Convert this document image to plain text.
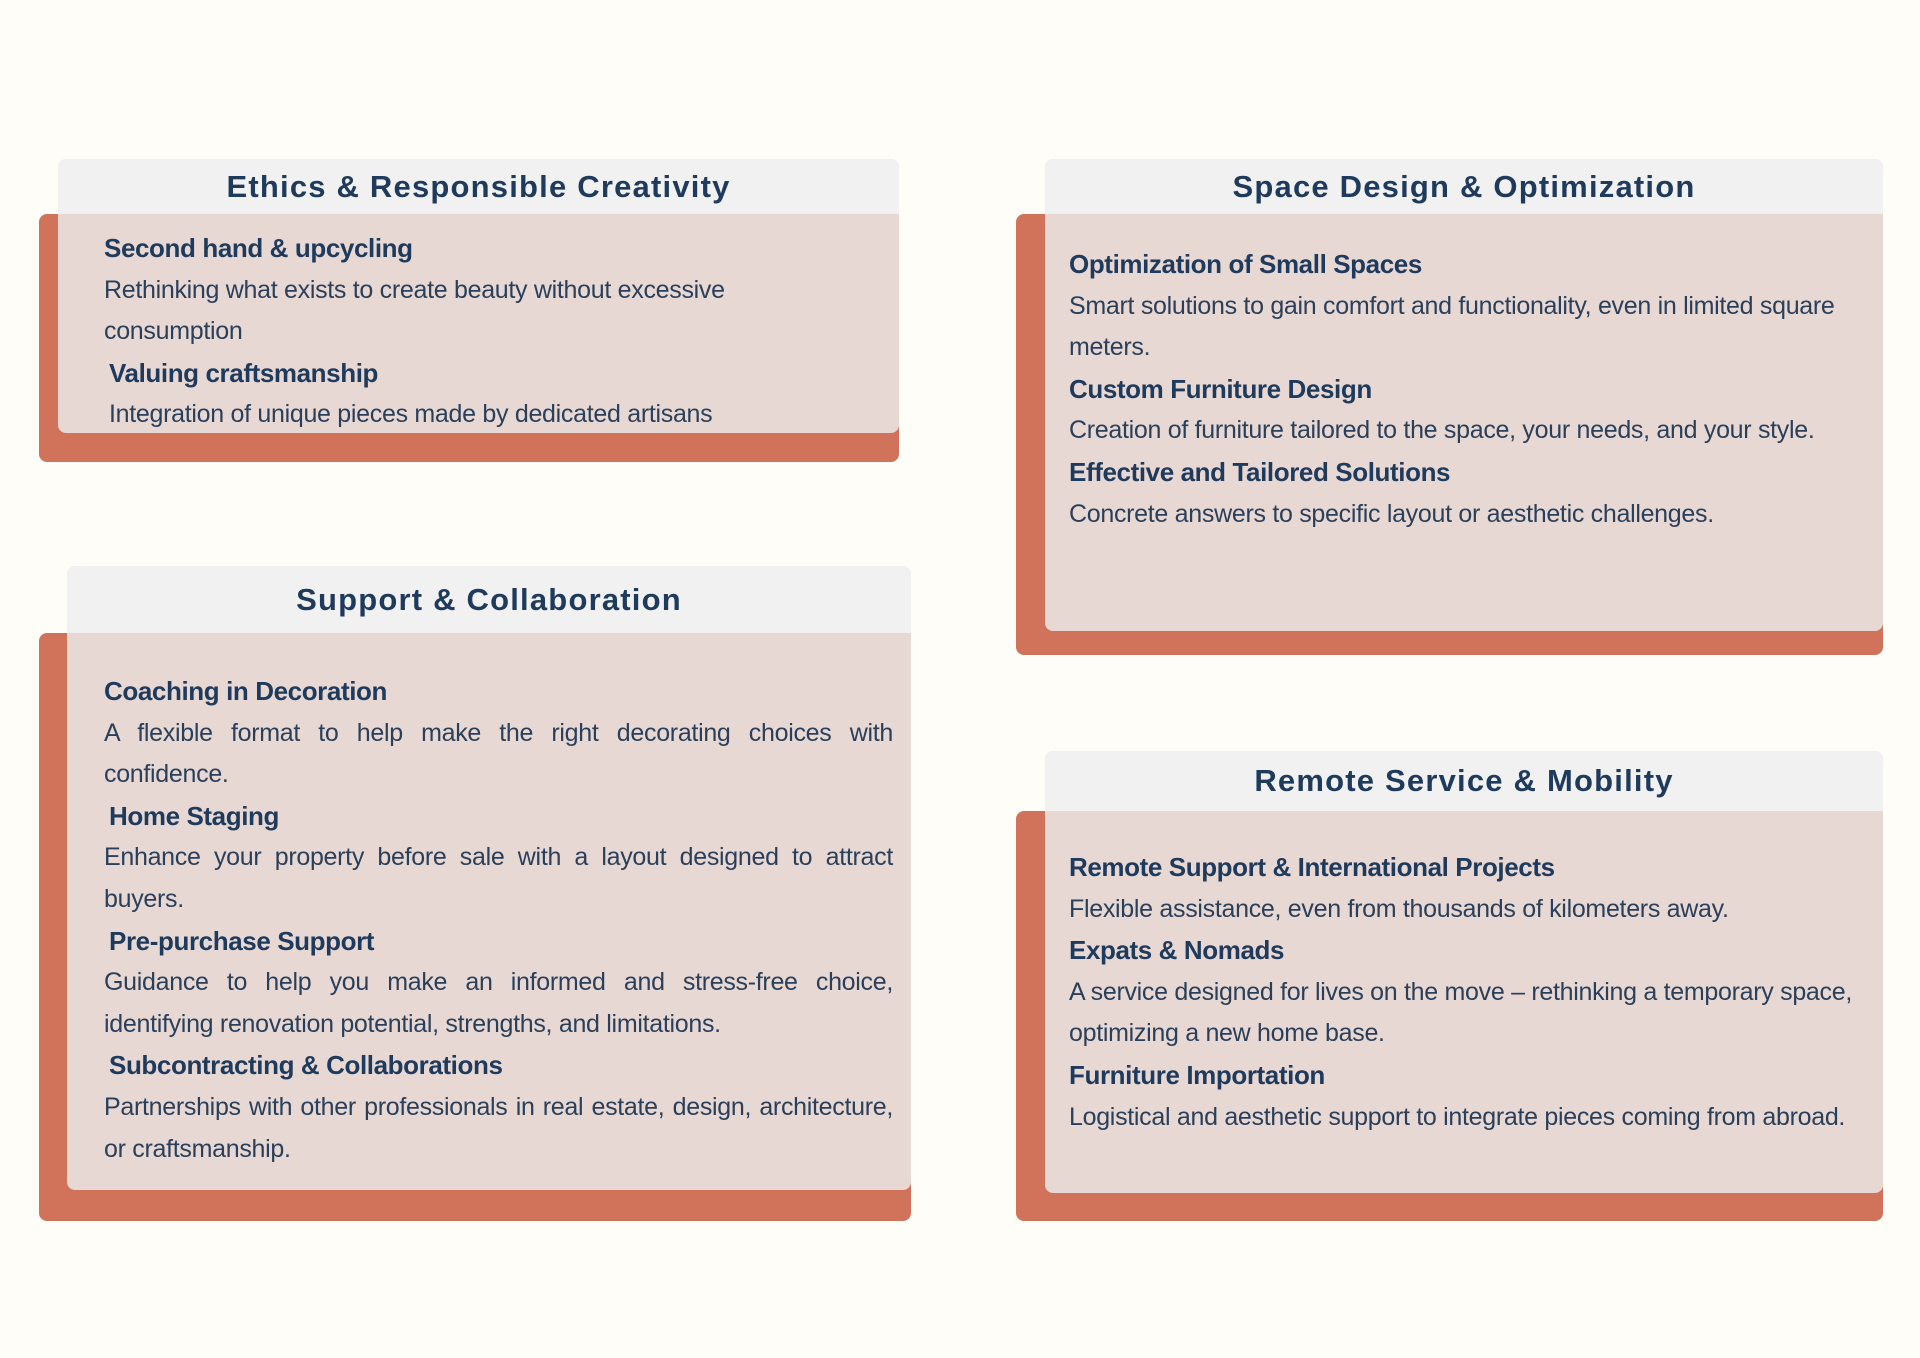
Ethics & Responsible Creativity
Second hand & upcycling
Rethinking what exists to create beauty without excessive consumption
Valuing craftsmanship
Integration of unique pieces made by dedicated artisans
Support & Collaboration
Coaching in Decoration
A flexible format to help make the right decorating choices with confidence.
Home Staging
Enhance your property before sale with a layout designed to attract buyers.
Pre-purchase Support
Guidance to help you make an informed and stress-free choice, identifying renovation potential, strengths, and limitations.
Subcontracting & Collaborations
Partnerships with other professionals in real estate, design, architecture, or craftsmanship.
Space Design & Optimization
Optimization of Small Spaces
Smart solutions to gain comfort and functionality, even in limited square meters.
Custom Furniture Design
Creation of furniture tailored to the space, your needs, and your style.
Effective and Tailored Solutions
Concrete answers to specific layout or aesthetic challenges.
Remote Service & Mobility
Remote Support & International Projects
Flexible assistance, even from thousands of kilometers away.
Expats & Nomads
A service designed for lives on the move – rethinking a temporary space, optimizing a new home base.
Furniture Importation
Logistical and aesthetic support to integrate pieces coming from abroad.
